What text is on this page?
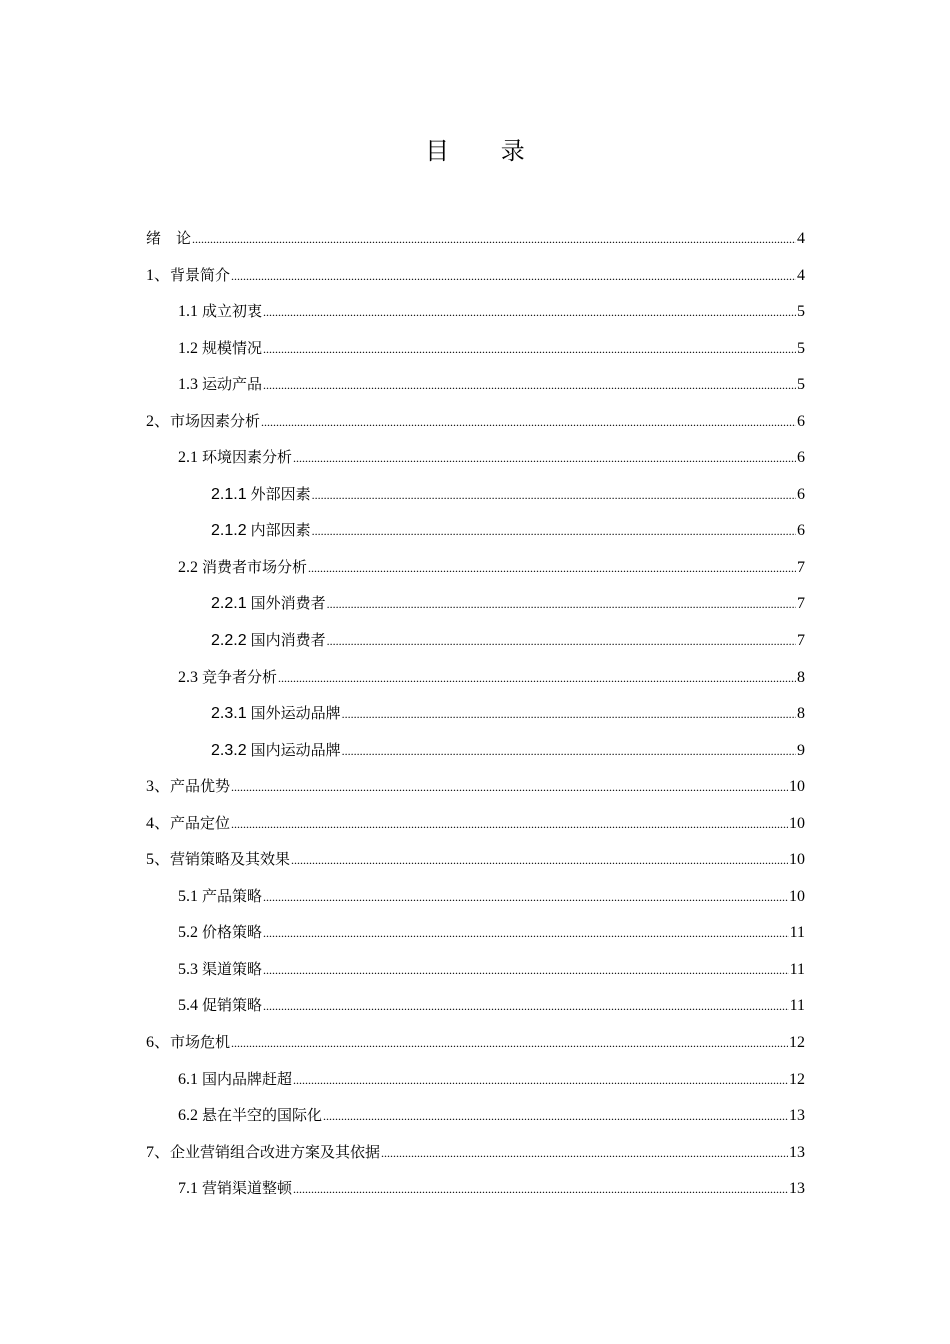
目 录
绪　论 .....	4
1、背景简介 .....	4
1.1 成立初衷 .....	5
1.2 规模情况 .....	5
1.3 运动产品 .....	5
2、市场因素分析 .....	6
2.1 环境因素分析 .....	6
2.1.1 外部因素 .....	6
2.1.2 内部因素 .....	6
2.2 消费者市场分析 .....	7
2.2.1 国外消费者 .....	7
2.2.2 国内消费者 .....	7
2.3 竞争者分析 .....	8
2.3.1 国外运动品牌 .....	8
2.3.2 国内运动品牌 .....	9
3、产品优势 .....	10
4、产品定位 .....	10
5、营销策略及其效果 .....	10
5.1 产品策略 .....	10
5.2 价格策略 .....	11
5.3 渠道策略 .....	11
5.4 促销策略 .....	11
6、市场危机 .....	12
6.1 国内品牌赶超 .....	12
6.2 悬在半空的国际化 .....	13
7、企业营销组合改进方案及其依据 .....	13
7.1 营销渠道整顿 .....	13
